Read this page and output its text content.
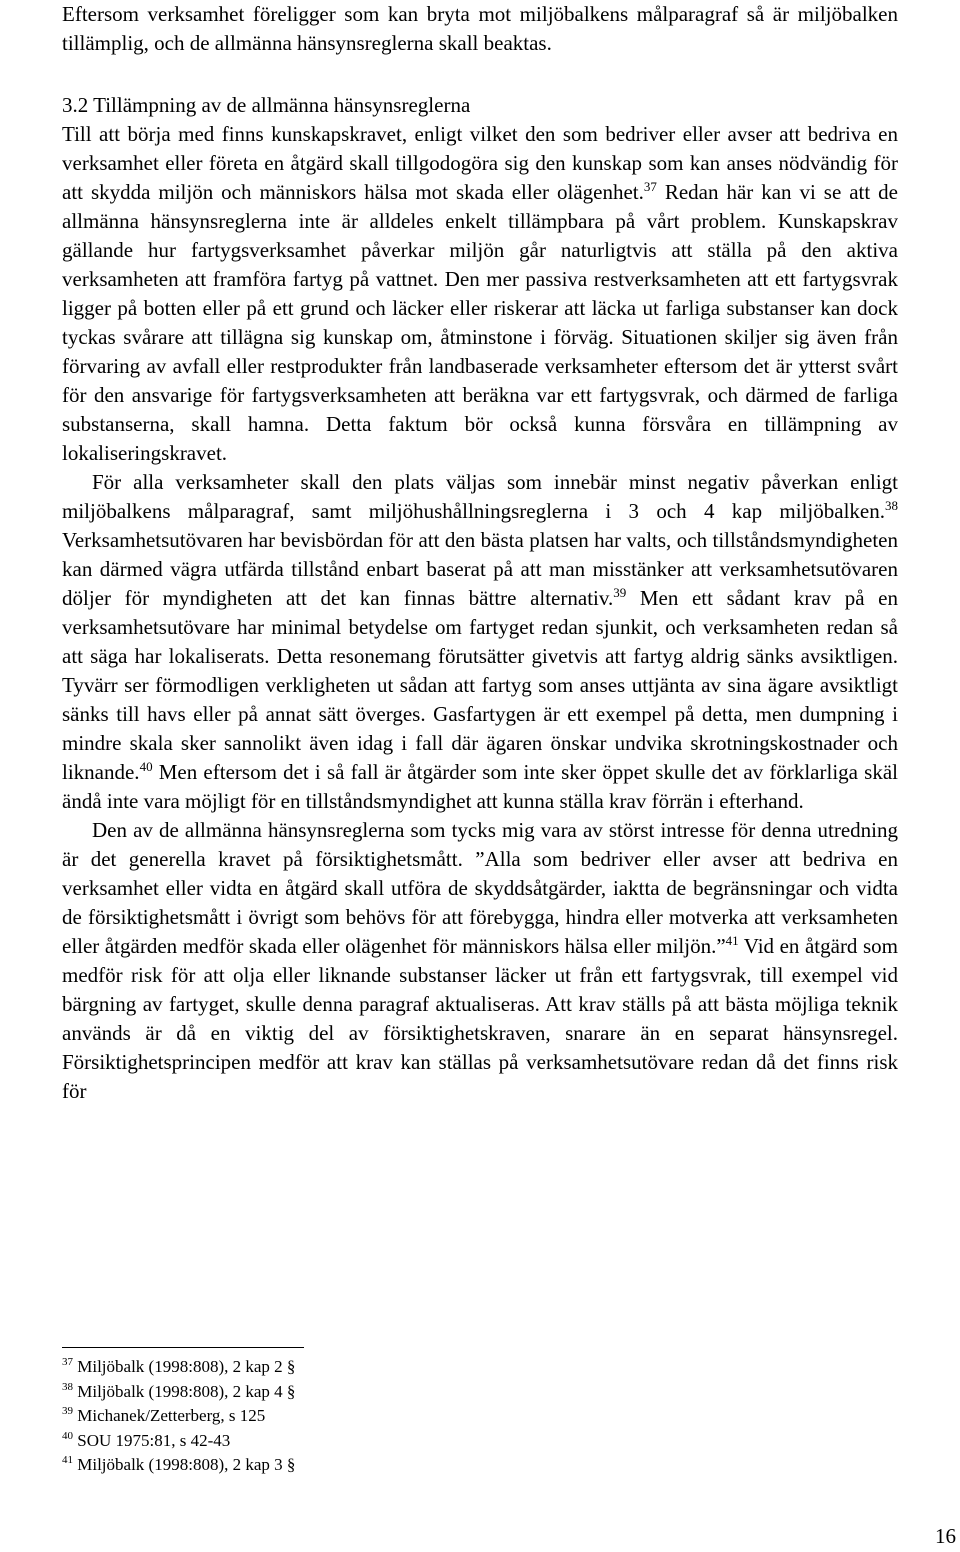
Eftersom verksamhet föreligger som kan bryta mot miljöbalkens målparagraf så är miljöbalken tillämplig, och de allmänna hänsynsreglerna skall beaktas.

3.2 Tillämpning av de allmänna hänsynsreglerna

Till att börja med finns kunskapskravet, enligt vilket den som bedriver eller avser att bedriva en verksamhet eller företa en åtgärd skall tillgodogöra sig den kunskap som kan anses nödvändig för att skydda miljön och människors hälsa mot skada eller olägenhet.$^{37}$ Redan här kan vi se att de allmänna hänsynsreglerna inte är alldeles enkelt tillämpbara på vårt problem. Kunskapskrav gällande hur fartygsverksamhet påverkar miljön går naturligtvis att ställa på den aktiva verksamheten att framföra fartyg på vattnet. Den mer passiva restverksamheten att ett fartygsvrak ligger på botten eller på ett grund och läcker eller riskerar att läcka ut farliga substanser kan dock tyckas svårare att tillägna sig kunskap om, åtminstone i förväg. Situationen skiljer sig även från förvaring av avfall eller restprodukter från landbaserade verksamheter eftersom det är ytterst svårt för den ansvarige för fartygsverksamheten att beräkna var ett fartygsvrak, och därmed de farliga substanserna, skall hamna. Detta faktum bör också kunna försvåra en tillämpning av lokaliseringskravet.

För alla verksamheter skall den plats väljas som innebär minst negativ påverkan enligt miljöbalkens målparagraf, samt miljöhushållningsreglerna i 3 och 4 kap miljöbalken.$^{38}$ Verksamhetsutövaren har bevisbördan för att den bästa platsen har valts, och tillståndsmyndigheten kan därmed vägra utfärda tillstånd enbart baserat på att man misstänker att verksamhetsutövaren döljer för myndigheten att det kan finnas bättre alternativ.$^{39}$ Men ett sådant krav på en verksamhetsutövare har minimal betydelse om fartyget redan sjunkit, och verksamheten redan så att säga har lokaliserats. Detta resonemang förutsätter givetvis att fartyg aldrig sänks avsiktligen. Tyvärr ser förmodligen verkligheten ut sådan att fartyg som anses uttjänta av sina ägare avsiktligt sänks till havs eller på annat sätt överges. Gasfartygen är ett exempel på detta, men dumpning i mindre skala sker sannolikt även idag i fall där ägaren önskar undvika skrotningskostnader och liknande.$^{40}$ Men eftersom det i så fall är åtgärder som inte sker öppet skulle det av förklarliga skäl ändå inte vara möjligt för en tillståndsmyndighet att kunna ställa krav förrän i efterhand.

Den av de allmänna hänsynsreglerna som tycks mig vara av störst intresse för denna utredning är det generella kravet på försiktighetsmått. ”Alla som bedriver eller avser att bedriva en verksamhet eller vidta en åtgärd skall utföra de skyddsåtgärder, iaktta de begränsningar och vidta de försiktighetsmått i övrigt som behövs för att förebygga, hindra eller motverka att verksamheten eller åtgärden medför skada eller olägenhet för människors hälsa eller miljön.”$^{41}$ Vid en åtgärd som medför risk för att olja eller liknande substanser läcker ut från ett fartygsvrak, till exempel vid bärgning av fartyget, skulle denna paragraf aktualiseras. Att krav ställs på att bästa möjliga teknik används är då en viktig del av försiktighetskraven, snarare än en separat hänsynsregel. Försiktighetsprincipen medför att krav kan ställas på verksamhetsutövare redan då det finns risk för

$^{37}$ Miljöbalk (1998:808), 2 kap 2 §
$^{38}$ Miljöbalk (1998:808), 2 kap 4 §
$^{39}$ Michanek/Zetterberg, s 125
$^{40}$ SOU 1975:81, s 42-43
$^{41}$ Miljöbalk (1998:808), 2 kap 3 §
16
